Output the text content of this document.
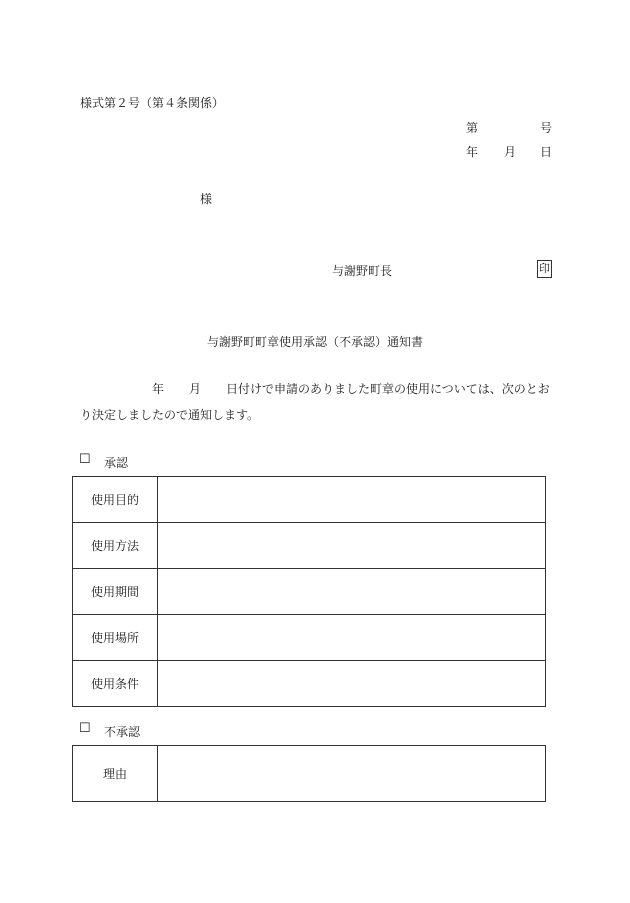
様式第２号（第４条関係）
第	号
年 月 日
様
与謝野町長	印
与謝野町町章使用承認（不承認）通知書
年 月 日付けで申請のありました町章の使用については、次のとお
り決定しましたので通知します。
☐ 承認
使用目的	
使用方法	
使用期間	
使用場所	
使用条件	
☐ 不承認
理由	
